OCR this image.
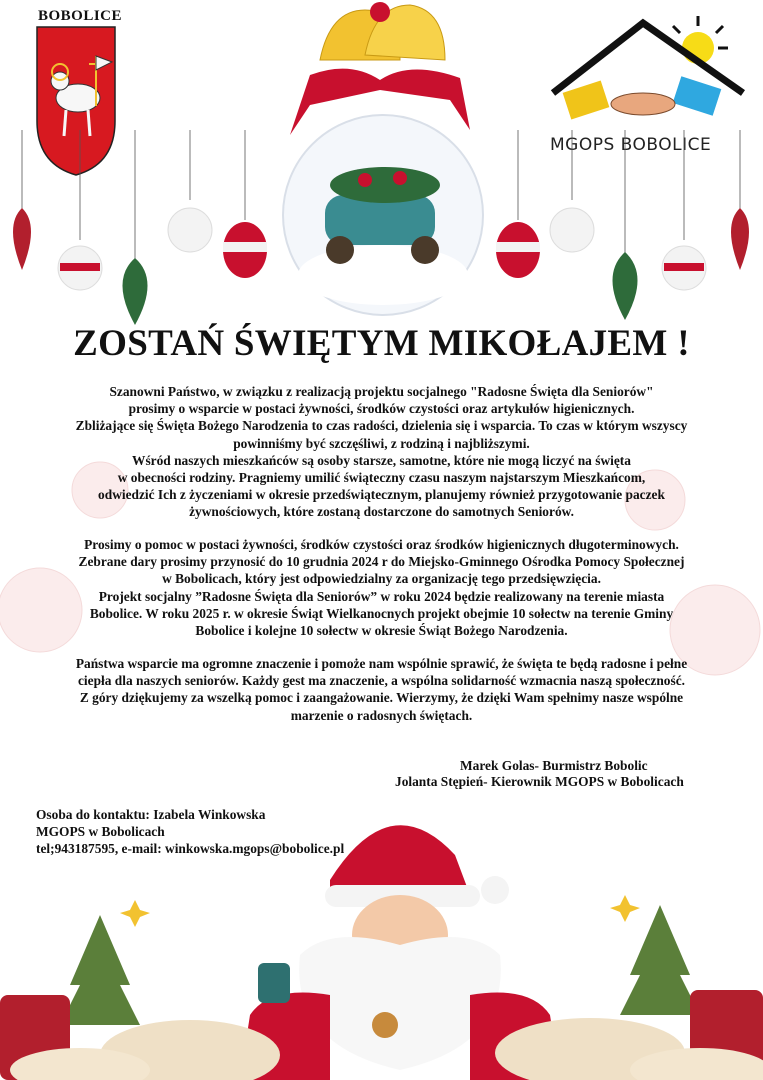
BOBOLICE
MGOPS BOBOLICE
ZOSTAŃ ŚWIĘTYM MIKOŁAJEM !
Szanowni Państwo, w związku z realizacją projektu socjalnego "Radosne Święta dla Seniorów"
prosimy o wsparcie w postaci żywności, środków czystości oraz artykułów higienicznych.
Zbliżające się Święta Bożego Narodzenia to czas radości, dzielenia się i wsparcia. To czas w którym wszyscy
powinniśmy być szczęśliwi, z rodziną i najbliższymi.
Wśród naszych mieszkańców są osoby starsze, samotne, które nie mogą liczyć na święta
w obecności rodziny. Pragniemy umilić świąteczny czasu naszym najstarszym Mieszkańcom,
odwiedzić Ich z życzeniami w okresie przedświątecznym, planujemy również przygotowanie paczek
żywnościowych, które zostaną dostarczone do samotnych Seniorów.
Prosimy o pomoc w postaci żywności, środków czystości oraz środków higienicznych długoterminowych.
Zebrane dary prosimy przynosić do 10 grudnia 2024 r do Miejsko-Gminnego Ośrodka Pomocy Społecznej
w Bobolicach, który jest odpowiedzialny za organizację tego przedsięwzięcia.
Projekt socjalny ”Radosne Święta dla Seniorów” w roku 2024 będzie realizowany na terenie miasta
Bobolice. W roku 2025 r. w okresie Świąt Wielkanocnych projekt obejmie 10 sołectw na terenie Gminy
Bobolice i kolejne 10 sołectw w okresie Świąt Bożego Narodzenia.
Państwa wsparcie ma ogromne znaczenie i pomoże nam wspólnie sprawić, że święta te będą radosne i pełne
ciepła dla naszych seniorów. Każdy gest ma znaczenie, a wspólna solidarność wzmacnia naszą społeczność.
Z góry dziękujemy za wszelką pomoc i zaangażowanie. Wierzymy, że dzięki Wam spełnimy nasze wspólne
marzenie o radosnych świętach.
Marek Golas- Burmistrz Bobolic
Jolanta Stępień- Kierownik MGOPS w Bobolicach
Osoba do kontaktu: Izabela Winkowska
MGOPS w Bobolicach
tel;943187595, e-mail: winkowska.mgops@bobolice.pl
